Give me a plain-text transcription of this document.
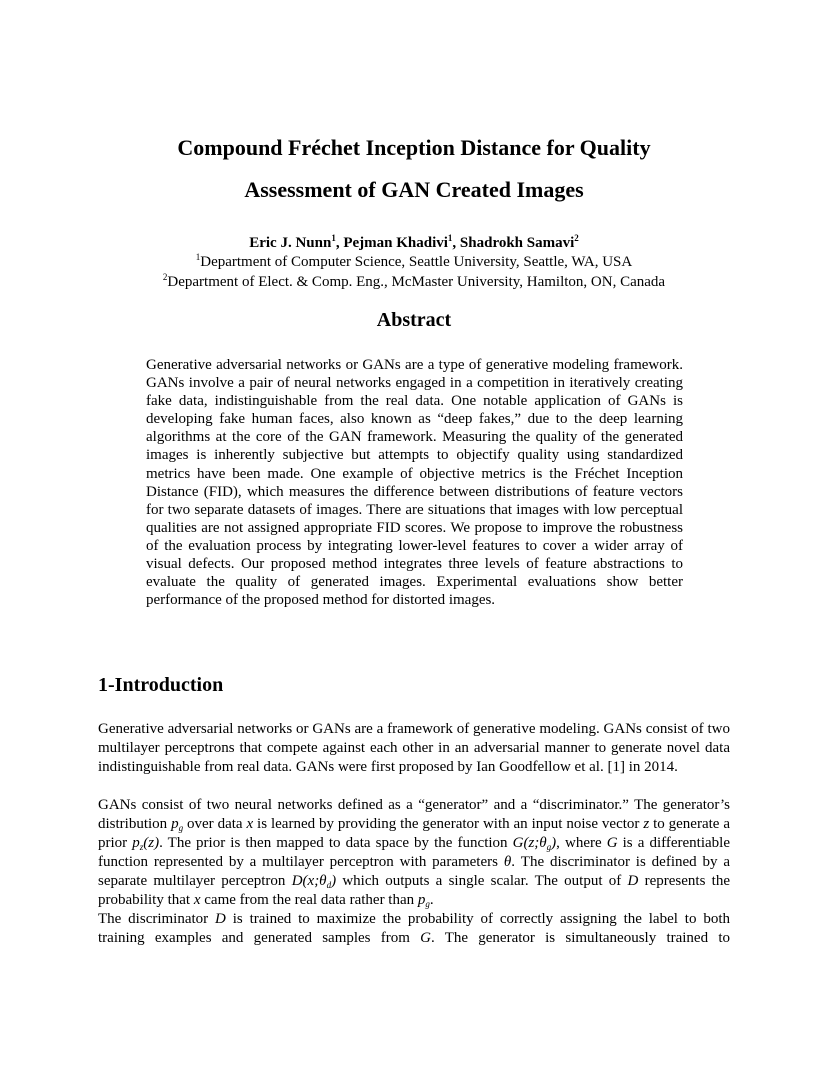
Compound Fréchet Inception Distance for Quality
Assessment of GAN Created Images
Eric J. Nunn$^1$, Pejman Khadivi$^1$, Shadrokh Samavi$^2$
$^1$Department of Computer Science, Seattle University, Seattle, WA, USA
$^2$Department of Elect. & Comp. Eng., McMaster University, Hamilton, ON, Canada
Abstract

Generative adversarial networks or GANs are a type of generative modeling framework. GANs involve a pair of neural networks engaged in a competition in iteratively creating fake data, indistinguishable from the real data. One notable application of GANs is developing fake human faces, also known as “deep fakes,” due to the deep learning algorithms at the core of the GAN framework. Measuring the quality of the generated images is inherently subjective but attempts to objectify quality using standardized metrics have been made. One example of objective metrics is the Fréchet Inception Distance (FID), which measures the difference between distributions of feature vectors for two separate datasets of images. There are situations that images with low perceptual qualities are not assigned appropriate FID scores. We propose to improve the robustness of the evaluation process by integrating lower-level features to cover a wider array of visual defects. Our proposed method integrates three levels of feature abstractions to evaluate the quality of generated images. Experimental evaluations show better performance of the proposed method for distorted images.

1-Introduction

Generative adversarial networks or GANs are a framework of generative modeling. GANs consist of two multilayer perceptrons that compete against each other in an adversarial manner to generate novel data indistinguishable from real data. GANs were first proposed by Ian Goodfellow et al. [1] in 2014.

GANs consist of two neural networks defined as a “generator” and a “discriminator.” The generator’s distribution $p_g$ over data x is learned by providing the generator with an input noise vector z to generate a prior $p_z(z)$. The prior is then mapped to data space by the function $G(z;\theta_g)$, where G is a differentiable function represented by a multilayer perceptron with parameters θ. The discriminator is defined by a separate multilayer perceptron $D(x;\theta_d)$ which outputs a single scalar. The output of D represents the probability that x came from the real data rather than $p_g$.

The discriminator D is trained to maximize the probability of correctly assigning the label to both training examples and generated samples from G. The generator is simultaneously trained to
